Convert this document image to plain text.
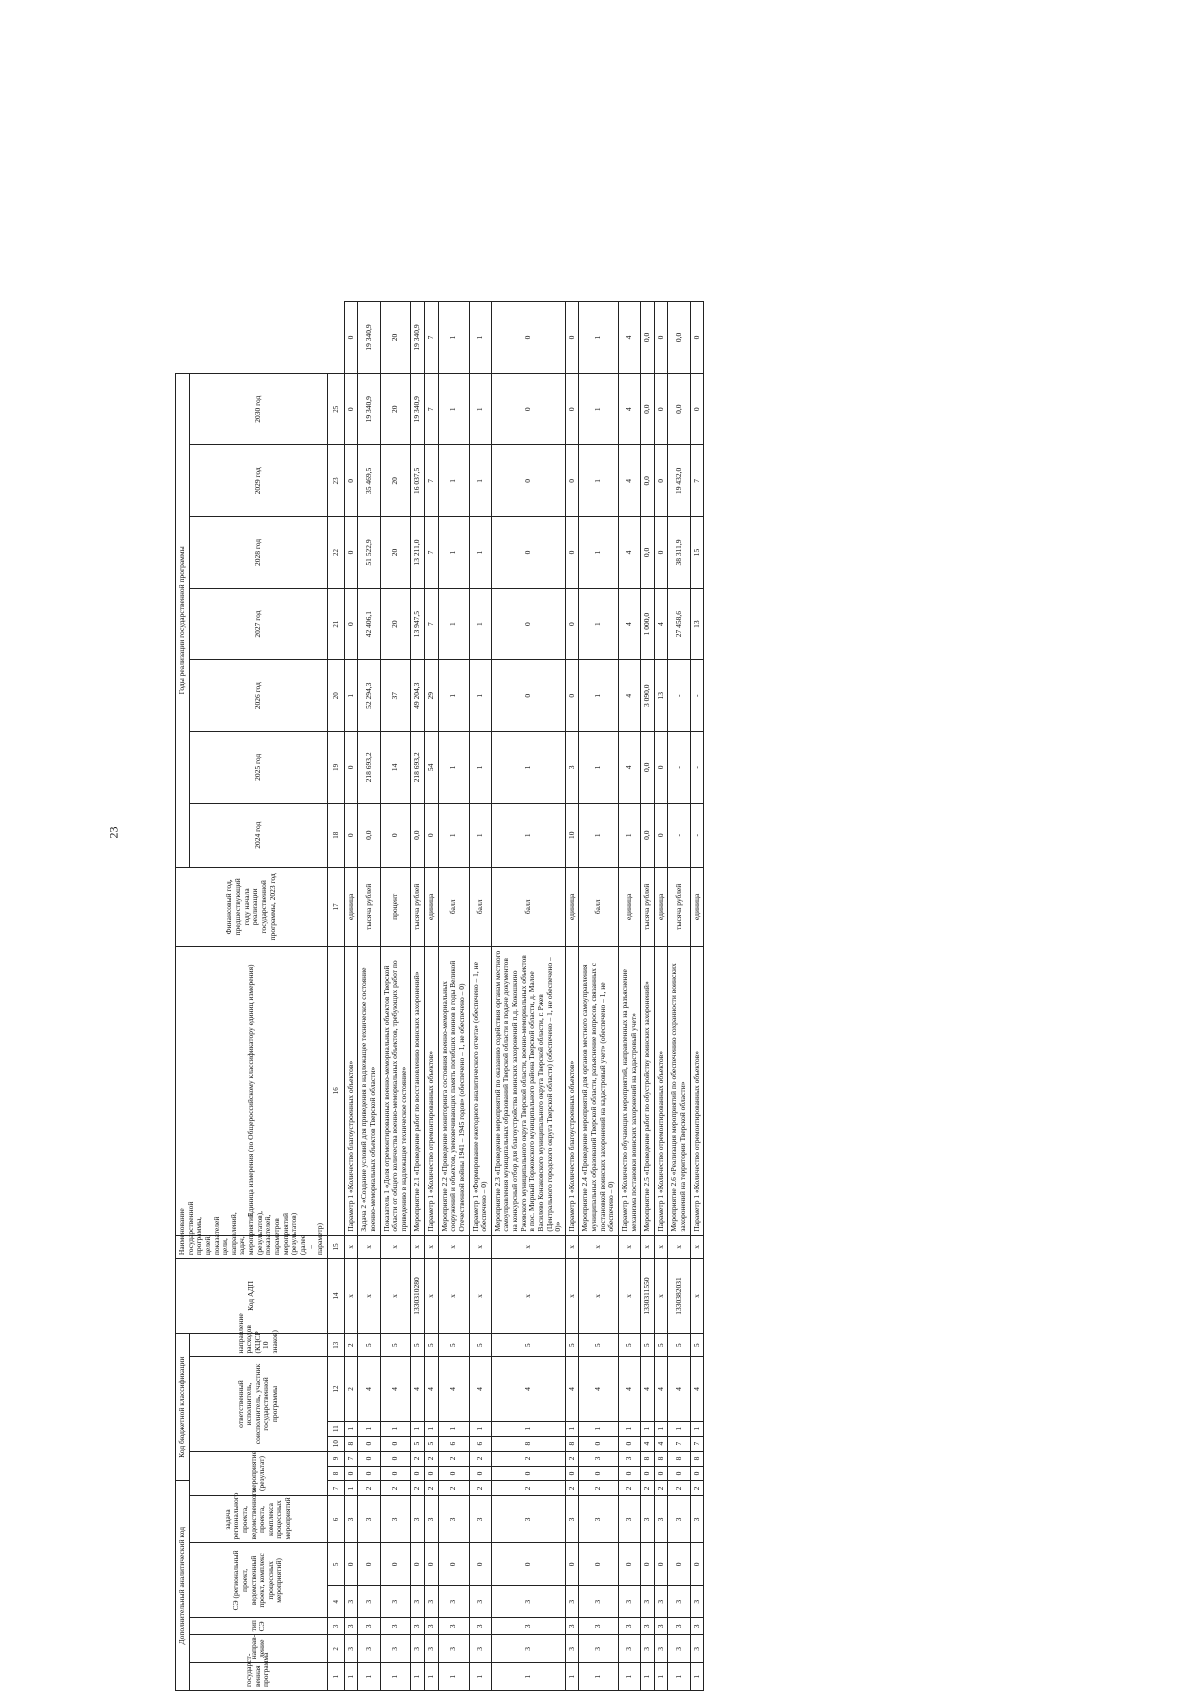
23
Дополнительный аналитический код							Код бюджетной классификации						Код АДП	Наименование государственной программы, целей, показателей цели, направлений, задач, мероприятий (результатов), показателей, параметров мероприятий (результатов) (далее – параметр)	Единица измерения (по Общероссийскому классификатору единиц измерения)	Финансовый год, предшествующий году начала реализации государственной программы, 2023 год	Годы реализации государственной программы							
государст-венная программа	направ-ление	тип СЭ	СЭ (региональный проект, ведомственный проект, комплекс процессных мероприятий)		задача регионального проекта, ведомственного проекта, комплекса процессных мероприятий	мероприятие (результат)			ответственный исполнитель, соисполнитель, участник государственной программы			направление расходов (КЦСР 10 знаков)					2024 год	2025 год	2026 год	2027 год	2028 год	2029 год	2030 год	

1	2	3	4	5	6	7	8	9	10	11	12	13	14	15	16	17	18	19	20	21	22	23	25	
1	3	3	3	0	3	1	0	7	8	1	2	2	x	x	Параметр 1 «Количество благоустроенных объектов»	единица	0	0	1	0	0	0	0	0
1	3	3	3	0	3	2	0	0	0	1	4	5	x	x	Задача 2 «Создание условий для приведения в надлежащее техническое состояние военно-мемориальных объектов Тверской области»	тысяча рублей	0,0	218 693,2	52 294,3	42 406,1	51 522,9	35 469,5	19 340,9	19 340,9
1	3	3	3	0	3	2	0	0	0	1	4	5	x	x	Показатель 1 «Доля отремонтированных военно-мемориальных объектов Тверской области от общего количества военно-мемориальных объектов, требующих работ по приведению в надлежащее техническое состояние»	процент	0	14	37	20	20	20	20	20
1	3	3	3	0	3	2	0	2	5	1	4	5	1330310280	x	Мероприятие 2.1 «Проведение работ по восстановлению воинских захоронений»	тысяча рублей	0,0	218 693,2	49 204,3	13 947,5	13 211,0	16 037,5	19 340,9	19 340,9
1	3	3	3	0	3	2	0	2	5	1	4	5	x	x	Параметр 1 «Количество отремонтированных объектов»	единица	0	54	29	7	7	7	7	7
1	3	3	3	0	3	2	0	2	6	1	4	5	x	x	Мероприятие 2.2 «Проведение мониторинга состояния военно-мемориальных сооружений и объектов, увековечивающих память погибших воинов в годы Великой Отечественной войны 1941 – 1945 годов» (обеспечено – 1, не обеспечено – 0)	балл	1	1	1	1	1	1	1	1
1	3	3	3	0	3	2	0	2	6	1	4	5	x	x	Параметр 1 «Формирование ежегодного аналитического отчета» (обеспечено – 1, не обеспечено – 0)	балл	1	1	1	1	1	1	1	1
1	3	3	3	0	3	2	0	2	8	1	4	5	x	x	Мероприятие 2.3 «Проведение мероприятий по оказанию содействия органам местного самоуправления муниципальных образований Тверской области в подаче документов на конкурсный отбор для благоустройства воинских захоронений п.д. Кокошкино Ржевского муниципального округа Тверской области, военно-мемориальных объектов в пос. Мирный Торжокского муниципального района Тверской области, д. Малое Василево Конаковского муниципального округа Тверской области, г. Ржев (Центрального городского округа Тверской области) (обеспечено – 1, не обеспечено – 0)»	балл	1	1	0	0	0	0	0	0
1	3	3	3	0	3	2	0	2	8	1	4	5	x	x	Параметр 1 «Количество благоустроенных объектов»	единица	10	3	0	0	0	0	0	0
1	3	3	3	0	3	2	0	3	0	1	4	5	x	x	Мероприятие 2.4 «Проведение мероприятий для органов местного самоуправления муниципальных образований Тверской области, разъяснение вопросов, связанных с постановкой воинских захоронений на кадастровый учет» (обеспечено – 1, не обеспечено – 0)	балл	1	1	1	1	1	1	1	1
1	3	3	3	0	3	2	0	3	0	1	4	5	x	x	Параметр 1 «Количество обучающих мероприятий, направленных на разъяснение механизма постановки воинских захоронений на кадастровый учет»	единица	1	4	4	4	4	4	4	4
1	3	3	3	0	3	2	0	8	4	1	4	5	1330311550	x	Мероприятие 2.5 «Проведение работ по обустройству воинских захоронений»	тысяча рублей	0,0	0,0	3 090,0	1 000,0	0,0	0,0	0,0	0,0
1	3	3	3	0	3	2	0	8	4	1	4	5	x	x	Параметр 1 «Количество отремонтированных объектов»	единица	0	0	13	4	0	0	0	0
1	3	3	3	0	3	2	0	8	7	1	4	5	1330382031	x	Мероприятие 2.6 «Реализация мероприятий по обеспечению сохранности воинских захоронений на территории Тверской области»	тысяча рублей	-	-	-	27 458,6	38 311,9	19 432,0	0,0	0,0
1	3	3	3	0	3	2	0	8	7	1	4	5	x	x	Параметр 1 «Количество отремонтированных объектов»	единица	-	-	-	13	15	7	0	0
